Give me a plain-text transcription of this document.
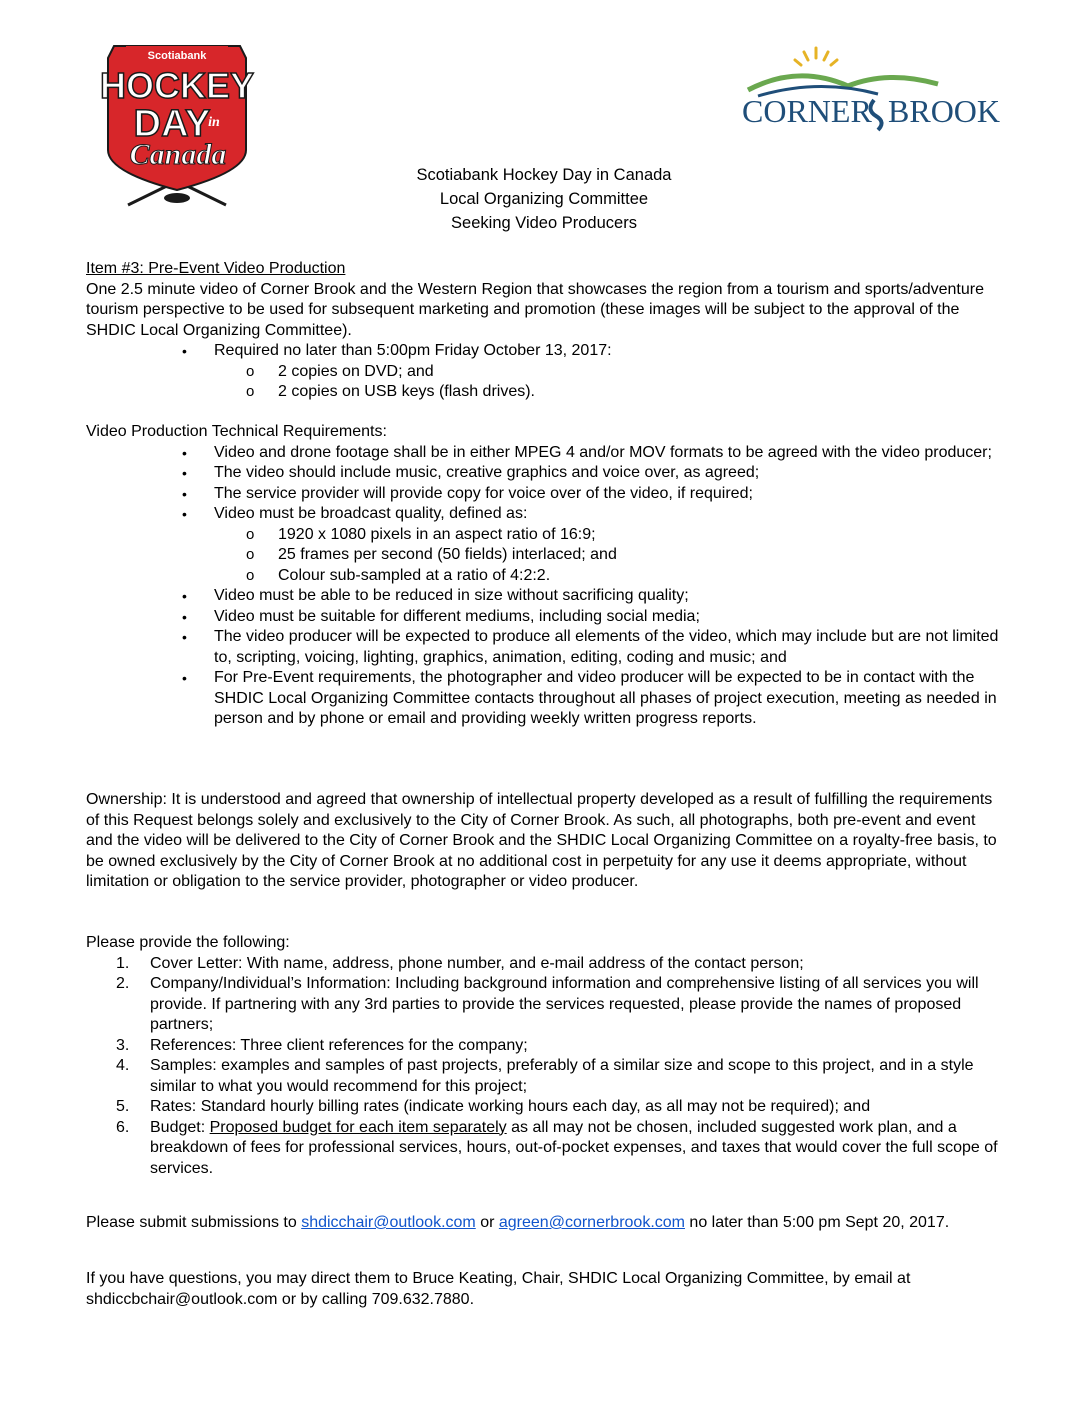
Scotiabank
HOCKEY
DAY
in
Canada
CORNER BROOK
Scotiabank Hockey Day in Canada
Local Organizing Committee
Seeking Video Producers
Item #3: Pre-Event Video Production
One 2.5 minute video of Corner Brook and the Western Region that showcases the region from a tourism and sports/adventure tourism perspective to be used for subsequent marketing and promotion (these images will be subject to the approval of the SHDIC Local Organizing Committee).
• Required no later than 5:00pm Friday October 13, 2017:
o 2 copies on DVD; and
o 2 copies on USB keys (flash drives).
Video Production Technical Requirements:
• Video and drone footage shall be in either MPEG 4 and/or MOV formats to be agreed with the video producer;
• The video should include music, creative graphics and voice over, as agreed;
• The service provider will provide copy for voice over of the video, if required;
• Video must be broadcast quality, defined as:
o 1920 x 1080 pixels in an aspect ratio of 16:9;
o 25 frames per second (50 fields) interlaced; and
o Colour sub-sampled at a ratio of 4:2:2.
• Video must be able to be reduced in size without sacrificing quality;
• Video must be suitable for different mediums, including social media;
• The video producer will be expected to produce all elements of the video, which may include but are not limited to, scripting, voicing, lighting, graphics, animation, editing, coding and music; and
• For Pre-Event requirements, the photographer and video producer will be expected to be in contact with the SHDIC Local Organizing Committee contacts throughout all phases of project execution, meeting as needed in person and by phone or email and providing weekly written progress reports.
Ownership: It is understood and agreed that ownership of intellectual property developed as a result of fulfilling the requirements of this Request belongs solely and exclusively to the City of Corner Brook. As such, all photographs, both pre-event and event and the video will be delivered to the City of Corner Brook and the SHDIC Local Organizing Committee on a royalty-free basis, to be owned exclusively by the City of Corner Brook at no additional cost in perpetuity for any use it deems appropriate, without limitation or obligation to the service provider, photographer or video producer.
Please provide the following:
1. Cover Letter: With name, address, phone number, and e-mail address of the contact person;
2. Company/Individual’s Information: Including background information and comprehensive listing of all services you will provide. If partnering with any 3rd parties to provide the services requested, please provide the names of proposed partners;
3. References: Three client references for the company;
4. Samples: examples and samples of past projects, preferably of a similar size and scope to this project, and in a style similar to what you would recommend for this project;
5. Rates: Standard hourly billing rates (indicate working hours each day, as all may not be required); and
6. Budget: Proposed budget for each item separately as all may not be chosen, included suggested work plan, and a breakdown of fees for professional services, hours, out-of-pocket expenses, and taxes that would cover the full scope of services.
Please submit submissions to shdicchair@outlook.com or agreen@cornerbrook.com no later than 5:00 pm Sept 20, 2017.
If you have questions, you may direct them to Bruce Keating, Chair, SHDIC Local Organizing Committee, by email at shdiccbchair@outlook.com or by calling 709.632.7880.
